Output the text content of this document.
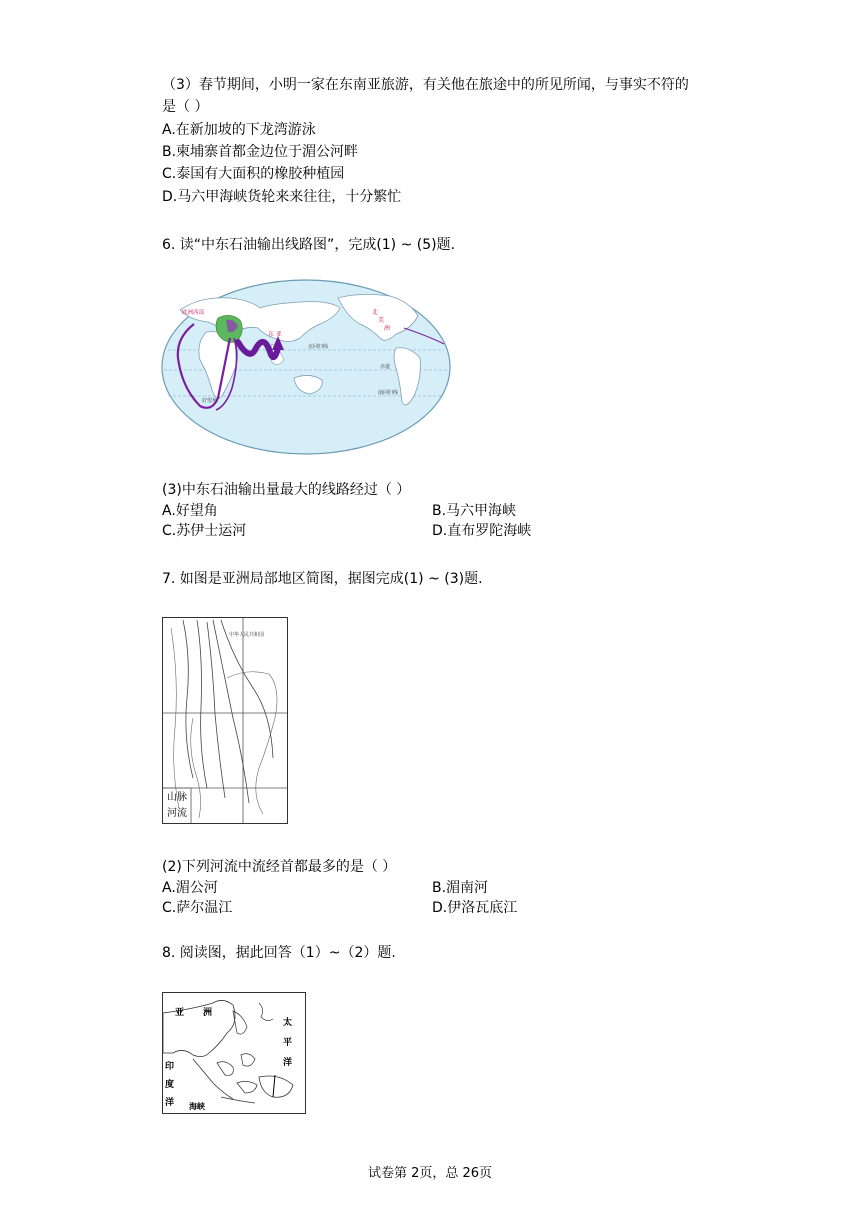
（3）春节期间，小明一家在东南亚旅游，有关他在旅途中的所见所闻，与事实不符的
是（ ）
A.在新加坡的下龙湾游泳
B.柬埔寨首都金边位于湄公河畔
C.泰国有大面积的橡胶种植园
D.马六甲海峡货轮来来往往，十分繁忙
6. 读“中东石油输出线路图”，完成(1) ~ (5)题.
欧洲西部
东 亚
北
美
洲
北回归线
赤道
南回归线
好望角
(3)中东石油输出量最大的线路经过（ ）
A.好望角	B.马六甲海峡
C.苏伊士运河	D.直布罗陀海峡
7. 如图是亚洲局部地区简图，据图完成(1) ~ (3)题.
中华人民共和国
山脉
河流
(2)下列河流中流经首都最多的是（ ）
A.湄公河	B.湄南河
C.萨尔温江	D.伊洛瓦底江
8. 阅读图，据此回答（1）~（2）题.
亚 洲
太
平
洋
印
度
洋 海峡
试卷第 2页，总 26页
